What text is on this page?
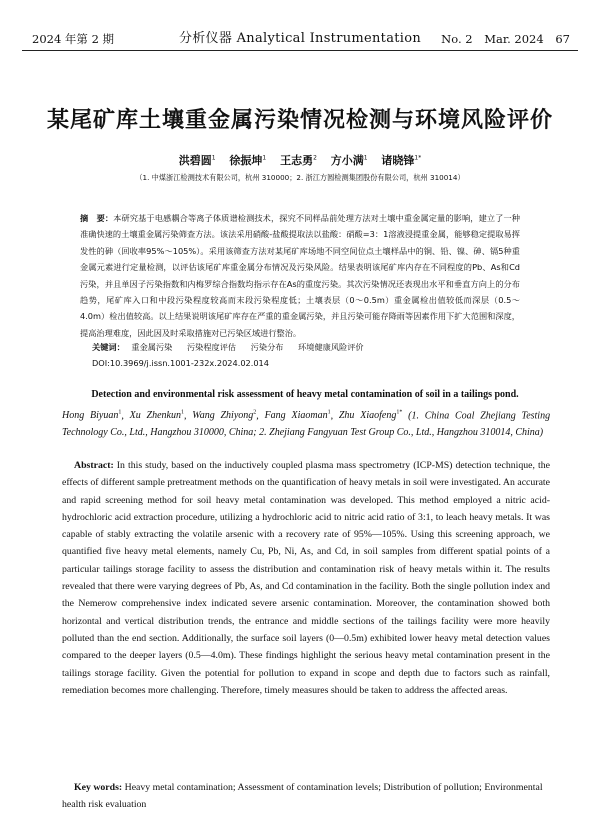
2024 年第 2 期	分析仪器 Analytical Instrumentation	No. 2 Mar. 2024 67
某尾矿库土壤重金属污染情况检测与环境风险评价
洪碧圆$^1$ 徐振坤$^1$ 王志勇$^2$ 方小满$^1$ 诸晓锋$^{1*}$
（1. 中煤浙江检测技术有限公司，杭州 310000；2. 浙江方圆检测集团股份有限公司，杭州 310014）
摘　要：本研究基于电感耦合等离子体质谱检测技术，探究不同样品前处理方法对土壤中重金属定量的影响，建立了一种准确快速的土壤重金属污染筛查方法。该法采用硝酸-盐酸提取法以盐酸：硝酸=3：1溶液浸提重金属，能够稳定提取易挥发性的砷（回收率95%～105%）。采用该筛查方法对某尾矿库场地不同空间位点土壤样品中的铜、铅、镍、砷、镉5种重金属元素进行定量检测，以评估该尾矿库重金属分布情况及污染风险。结果表明该尾矿库内存在不同程度的Pb、As和Cd污染，并且单因子污染指数和内梅罗综合指数均指示存在As的重度污染。其次污染情况还表现出水平和垂直方向上的分布趋势，尾矿库入口和中段污染程度较高而末段污染程度低；土壤表层（0～0.5m）重金属检出值较低而深层（0.5～4.0m）检出值较高。以上结果说明该尾矿库存在严重的重金属污染，并且污染可能存降雨等因素作用下扩大范围和深度，提高治理难度，因此因及时采取措施对已污染区域进行整治。
关键词： 重金属污染 污染程度评估 污染分布 环境健康风险评价
DOI:10.3969/j.issn.1001-232x.2024.02.014
Detection and environmental risk assessment of heavy metal contamination of soil in a tailings pond.
Hong Biyuan$^1$, Xu Zhenkun$^1$, Wang Zhiyong$^2$, Fang Xiaoman$^1$, Zhu Xiaofeng$^{1*}$ (1. China Coal Zhejiang Testing Technology Co., Ltd., Hangzhou 310000, China; 2. Zhejiang Fangyuan Test Group Co., Ltd., Hangzhou 310014, China)
Abstract: In this study, based on the inductively coupled plasma mass spectrometry (ICP-MS) detection technique, the effects of different sample pretreatment methods on the quantification of heavy metals in soil were investigated. An accurate and rapid screening method for soil heavy metal contamination was developed. This method employed a nitric acid-hydrochloric acid extraction procedure, utilizing a hydrochloric acid to nitric acid ratio of 3:1, to leach heavy metals. It was capable of stably extracting the volatile arsenic with a recovery rate of 95%—105%. Using this screening approach, we quantified five heavy metal elements, namely Cu, Pb, Ni, As, and Cd, in soil samples from different spatial points of a particular tailings storage facility to assess the distribution and contamination risk of heavy metals within it. The results revealed that there were varying degrees of Pb, As, and Cd contamination in the facility. Both the single pollution index and the Nemerow comprehensive index indicated severe arsenic contamination. Moreover, the contamination showed both horizontal and vertical distribution trends, the entrance and middle sections of the tailings facility were more heavily polluted than the end section. Additionally, the surface soil layers (0—0.5m) exhibited lower heavy metal detection values compared to the deeper layers (0.5—4.0m). These findings highlight the serious heavy metal contamination present in the tailings storage facility. Given the potential for pollution to expand in scope and depth due to factors such as rainfall, remediation becomes more challenging. Therefore, timely measures should be taken to address the affected areas.
Key words: Heavy metal contamination; Assessment of contamination levels; Distribution of pollution; Environmental health risk evaluation
